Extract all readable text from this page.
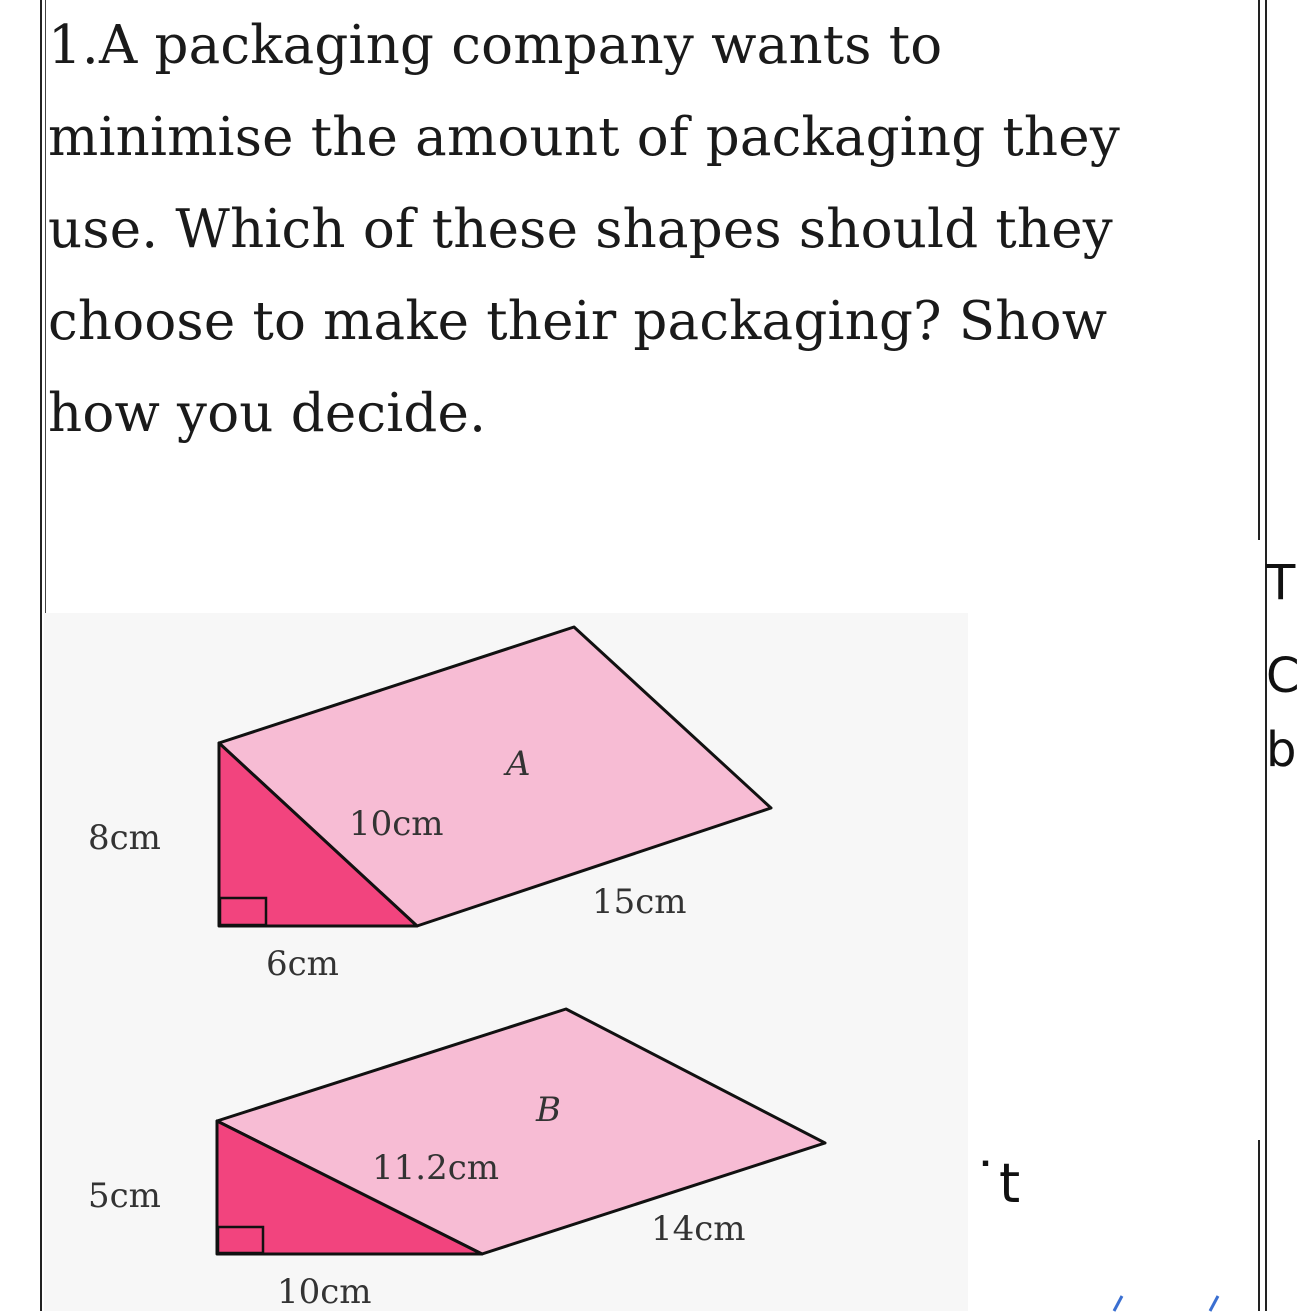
1.A packaging company wants to
minimise the amount of packaging they
use. Which of these shapes should they
choose to make their packaging? Show
how you decide.
A
8cm	10cm
15cm
6cm
B
5cm
11.2cm
14cm
10cm
˙t
T
C
b
